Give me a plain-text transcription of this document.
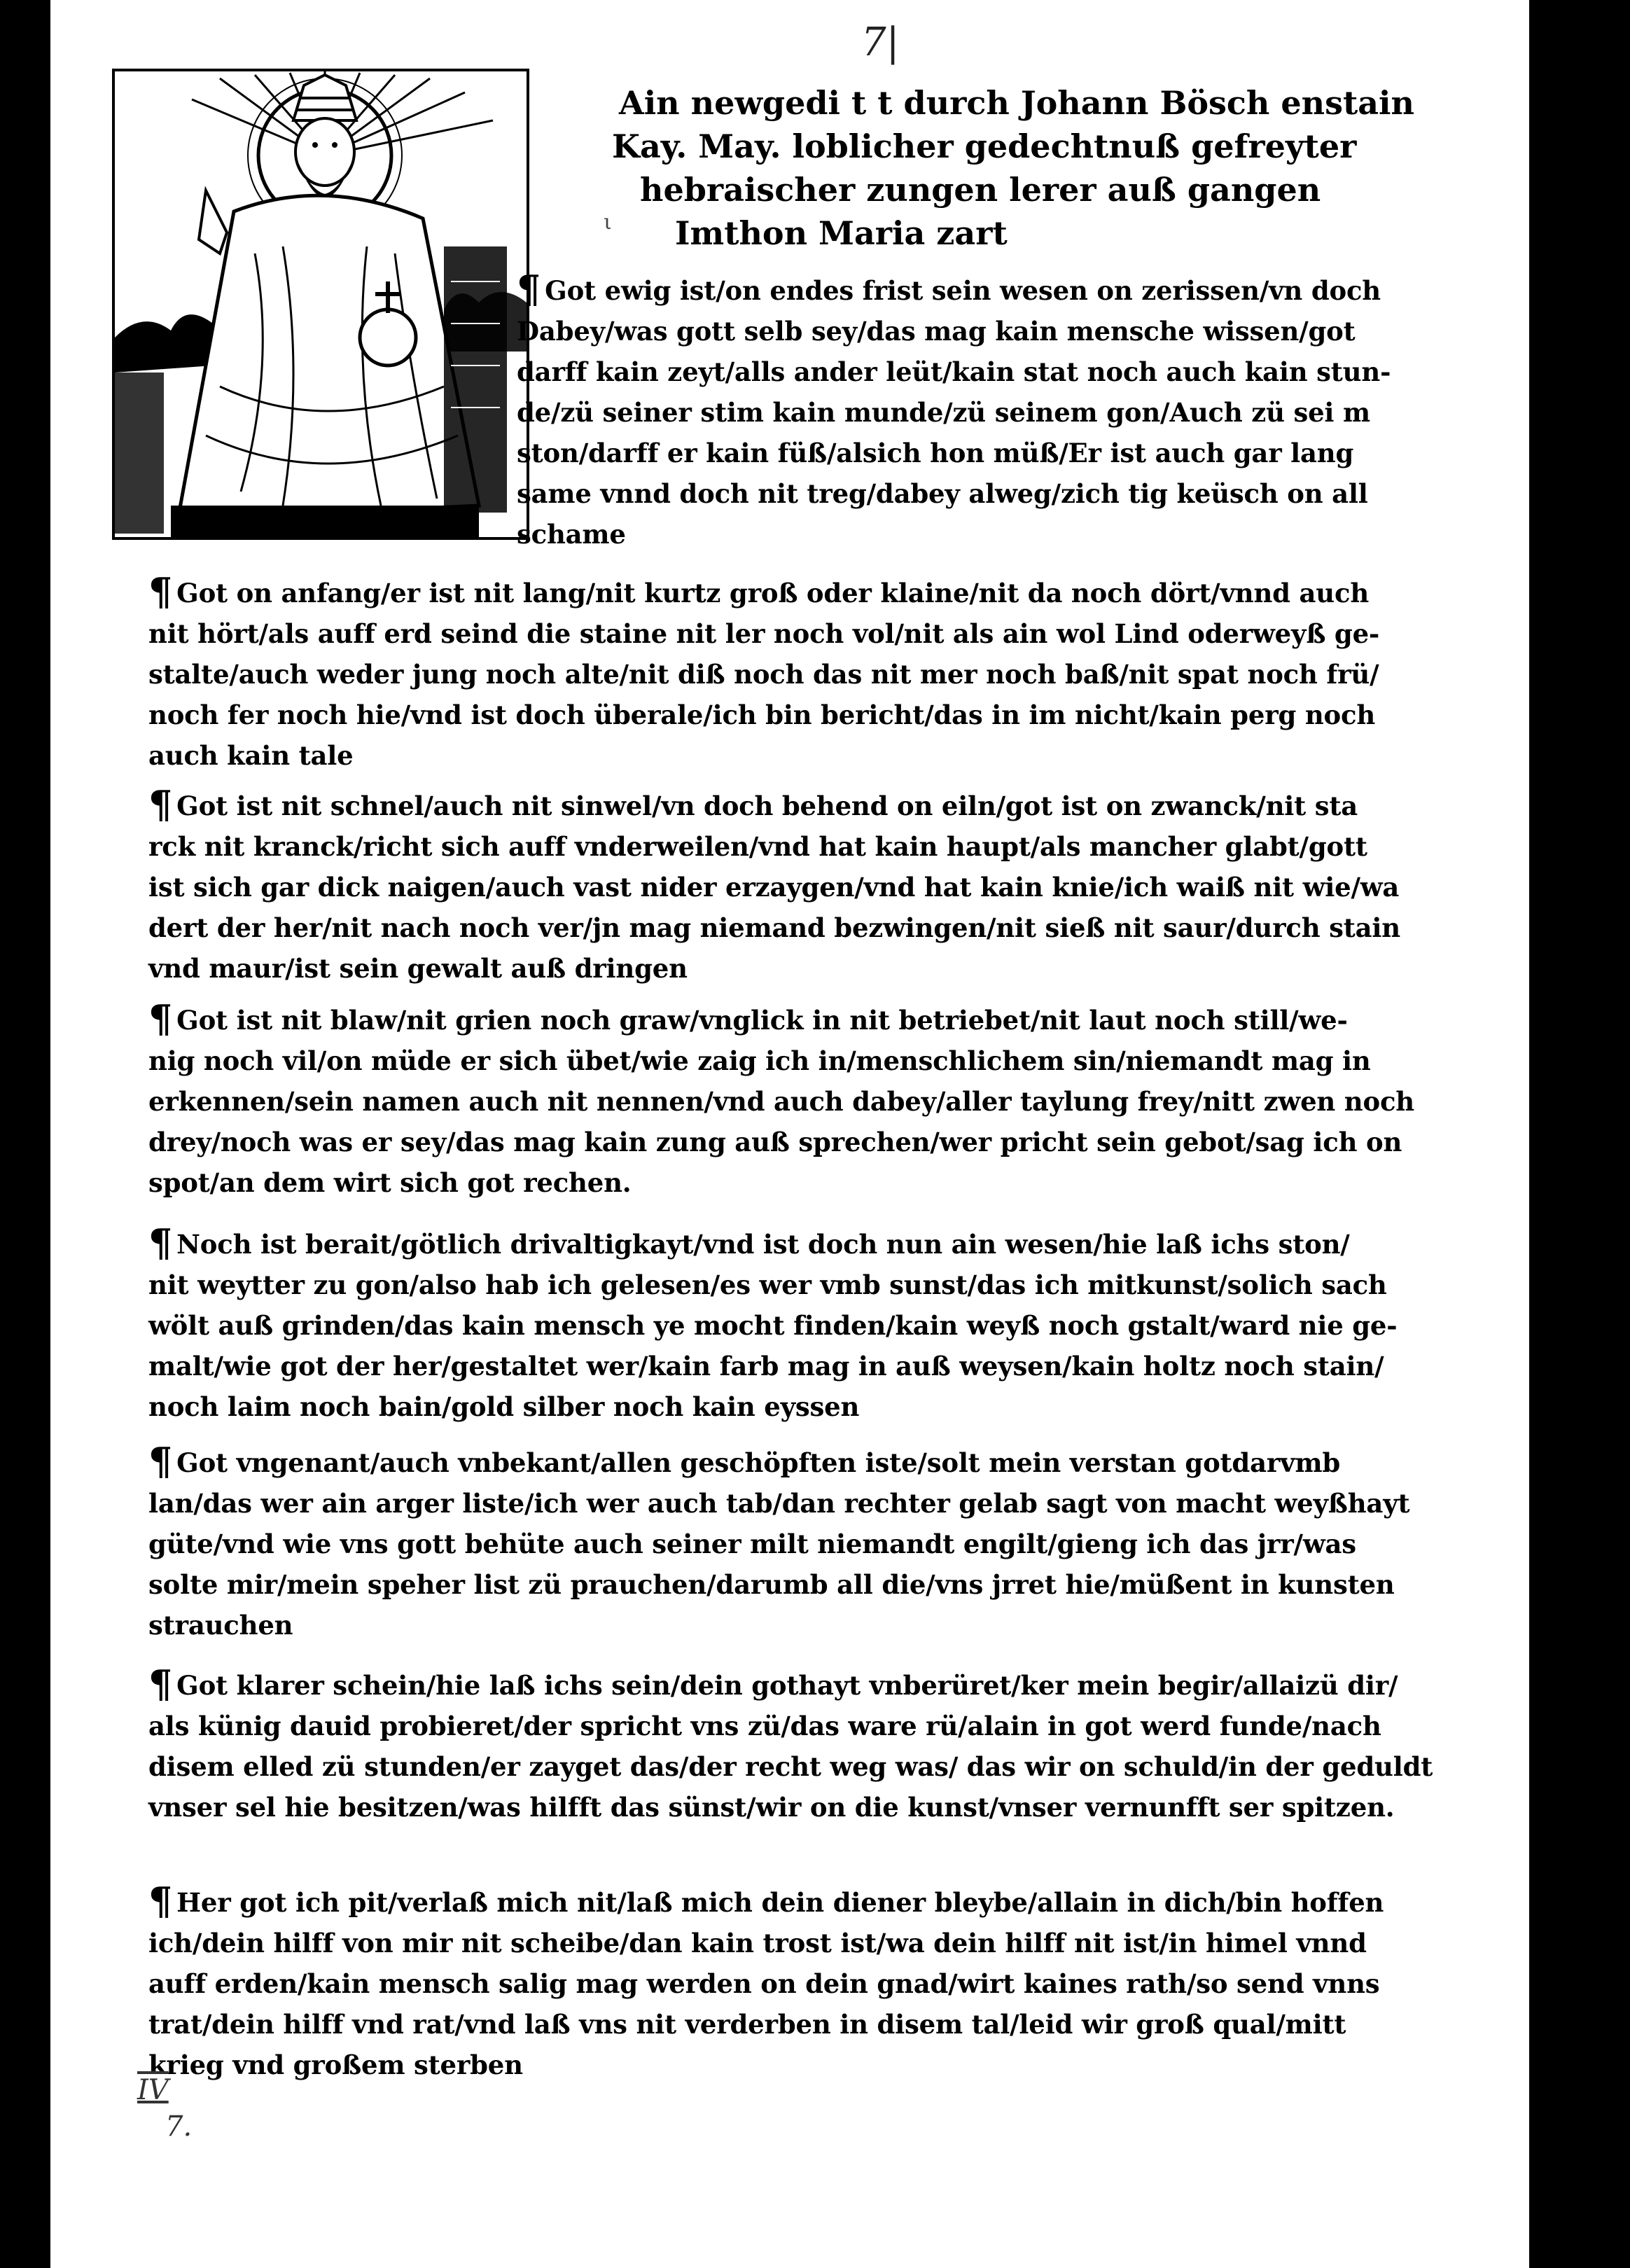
7|
Ain newgedi t t durch Johann Bösch enstain
Kay. May. loblicher gedechtnuß gefreyter
hebraischer zungen lerer auß gangen
Imthon Maria zart
ι

¶ Got ewig ist/on endes frist sein wesen on zerissen/vn doch

Dabey/was gott selb sey/das mag kain mensche wissen/got

darff kain zeyt/alls ander leüt/kain stat noch auch kain stun-

de/zü seiner stim kain munde/zü seinem gon/Auch zü sei m

ston/darff er kain füß/alsich hon müß/Er ist auch gar lang

same vnnd doch nit treg/dabey alweg/zich tig keüsch on all

schame

¶ Got on anfang/er ist nit lang/nit kurtz groß oder klaine/nit da noch dört/vnnd auch

nit hört/als auff erd seind die staine nit ler noch vol/nit als ain wol Lind oderweyß ge-

stalte/auch weder jung noch alte/nit diß noch das nit mer noch baß/nit spat noch frü/

noch fer noch hie/vnd ist doch überale/ich bin bericht/das in im nicht/kain perg noch

auch kain tale

¶ Got ist nit schnel/auch nit sinwel/vn doch behend on eiln/got ist on zwanck/nit sta

rck nit kranck/richt sich auff vnderweilen/vnd hat kain haupt/als mancher glabt/gott

ist sich gar dick naigen/auch vast nider erzaygen/vnd hat kain knie/ich waiß nit wie/wa

dert der her/nit nach noch ver/jn mag niemand bezwingen/nit sieß nit saur/durch stain

vnd maur/ist sein gewalt auß dringen

¶ Got ist nit blaw/nit grien noch graw/vnglick in nit betriebet/nit laut noch still/we-

nig noch vil/on müde er sich übet/wie zaig ich in/menschlichem sin/niemandt mag in

erkennen/sein namen auch nit nennen/vnd auch dabey/aller taylung frey/nitt zwen noch

drey/noch was er sey/das mag kain zung auß sprechen/wer pricht sein gebot/sag ich on

spot/an dem wirt sich got rechen.

¶ Noch ist berait/götlich drivaltigkayt/vnd ist doch nun ain wesen/hie laß ichs ston/

nit weytter zu gon/also hab ich gelesen/es wer vmb sunst/das ich mitkunst/solich sach

wölt auß grinden/das kain mensch ye mocht finden/kain weyß noch gstalt/ward nie ge-

malt/wie got der her/gestaltet wer/kain farb mag in auß weysen/kain holtz noch stain/

noch laim noch bain/gold silber noch kain eyssen

¶ Got vngenant/auch vnbekant/allen geschöpften iste/solt mein verstan gotdarvmb

lan/das wer ain arger liste/ich wer auch tab/dan rechter gelab sagt von macht weyßhayt

güte/vnd wie vns gott behüte auch seiner milt niemandt engilt/gieng ich das jrr/was

solte mir/mein speher list zü prauchen/darumb all die/vns jrret hie/müßent in kunsten

strauchen

¶ Got klarer schein/hie laß ichs sein/dein gothayt vnberüret/ker mein begir/allaizü dir/

als künig dauid probieret/der spricht vns zü/das ware rü/alain in got werd funde/nach

disem elled zü stunden/er zayget das/der recht weg was/ das wir on schuld/in der geduldt

vnser sel hie besitzen/was hilfft das sünst/wir on die kunst/vnser vernunfft ser spitzen.

¶ Her got ich pit/verlaß mich nit/laß mich dein diener bleybe/allain in dich/bin hoffen

ich/dein hilff von mir nit scheibe/dan kain trost ist/wa dein hilff nit ist/in himel vnnd

auff erden/kain mensch salig mag werden on dein gnad/wirt kaines rath/so send vnns

trat/dein hilff vnd rat/vnd laß vns nit verderben in disem tal/leid wir groß qual/mitt

krieg vnd großem sterben

IV
7.
